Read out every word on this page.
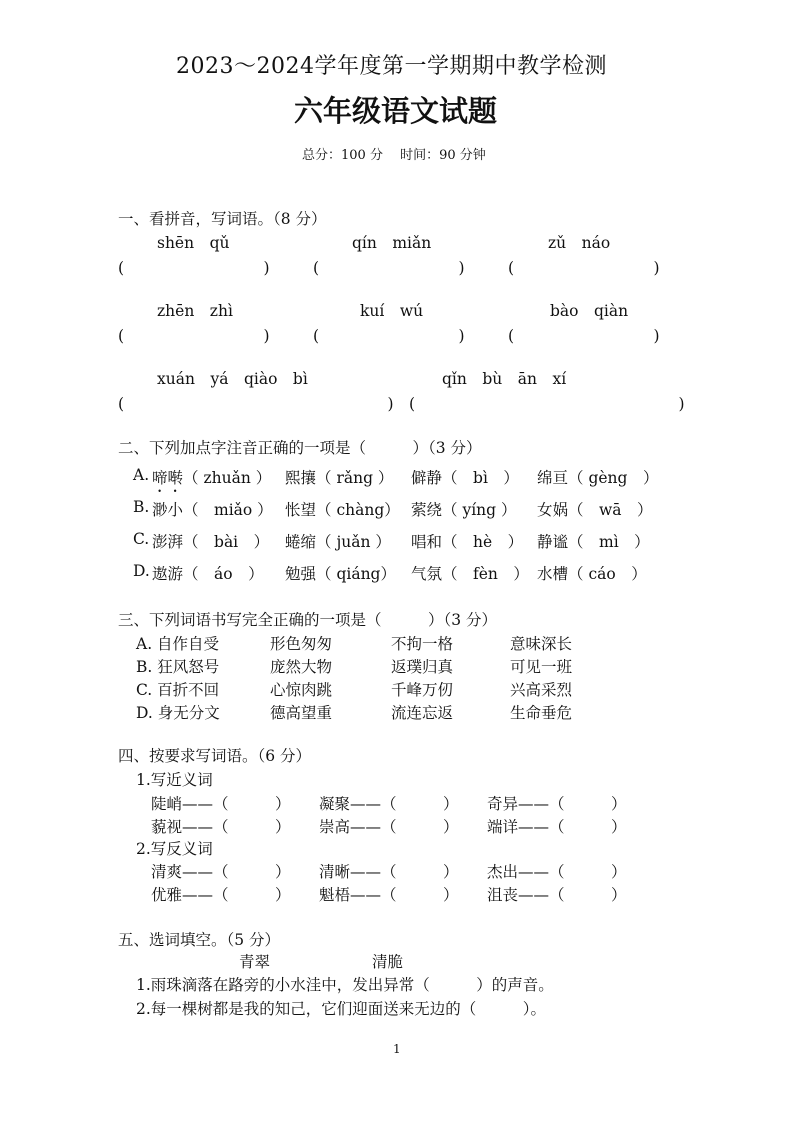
2023～2024学年度第一学期期中教学检测
六年级语文试题
总分：100 分　 时间：90 分钟
一、看拼音，写词语。（8 分）
shēn　qǔ	qín　miǎn	zǔ　náo
(　　　　　　　　　)	(　　　　　　　　　)	(　　　　　　　　　)
zhēn　zhì	kuí　wú	bào　qiàn
(　　　　　　　　　)	(　　　　　　　　　)	(　　　　　　　　　)
xuán　yá　qiào　bì	qǐn　bù　ān　xí
(　　　　　　　　　　　　　　　　　) (　　　　　　　　　　　　　　　　　)
二、下列加点字注音正确的一项是（　　　）（3 分）
A. 啼啭（ zhuǎn ） 熙攘（ rǎng ） 僻静（　bì　） 绵亘（ gèng　）
B. 渺小（　miǎo ） 怅望（ chàng） 萦绕（ yíng ） 女娲（　wā　）
C. 澎湃（　bài　） 蜷缩（ juǎn ） 唱和（　hè　） 静谧（　mì　）
D. 遨游（　áo　） 勉强（ qiáng） 气氛（　fèn　） 水槽（ cáo　）
三、下列词语书写完全正确的一项是（　　　）（3 分）
A. 自作自受	形色匆匆	不拘一格	意味深长
B. 狂风怒号	庞然大物	返璞归真	可见一班
C. 百折不回	心惊肉跳	千峰万仞	兴高采烈
D. 身无分文	德高望重	流连忘返	生命垂危
四、按要求写词语。（6 分）
1.写近义词
陡峭——（　　　） 凝聚——（　　　） 奇异——（　　　）
藐视——（　　　） 崇高——（　　　） 端详——（　　　）
2.写反义词
清爽——（　　　） 清晰——（　　　） 杰出——（　　　）
优雅——（　　　） 魁梧——（　　　） 沮丧——（　　　）
五、选词填空。（5 分）
青翠	清脆
1.雨珠滴落在路旁的小水洼中，发出异常（　　　）的声音。
2.每一棵树都是我的知己，它们迎面送来无边的（　　　）。
1
